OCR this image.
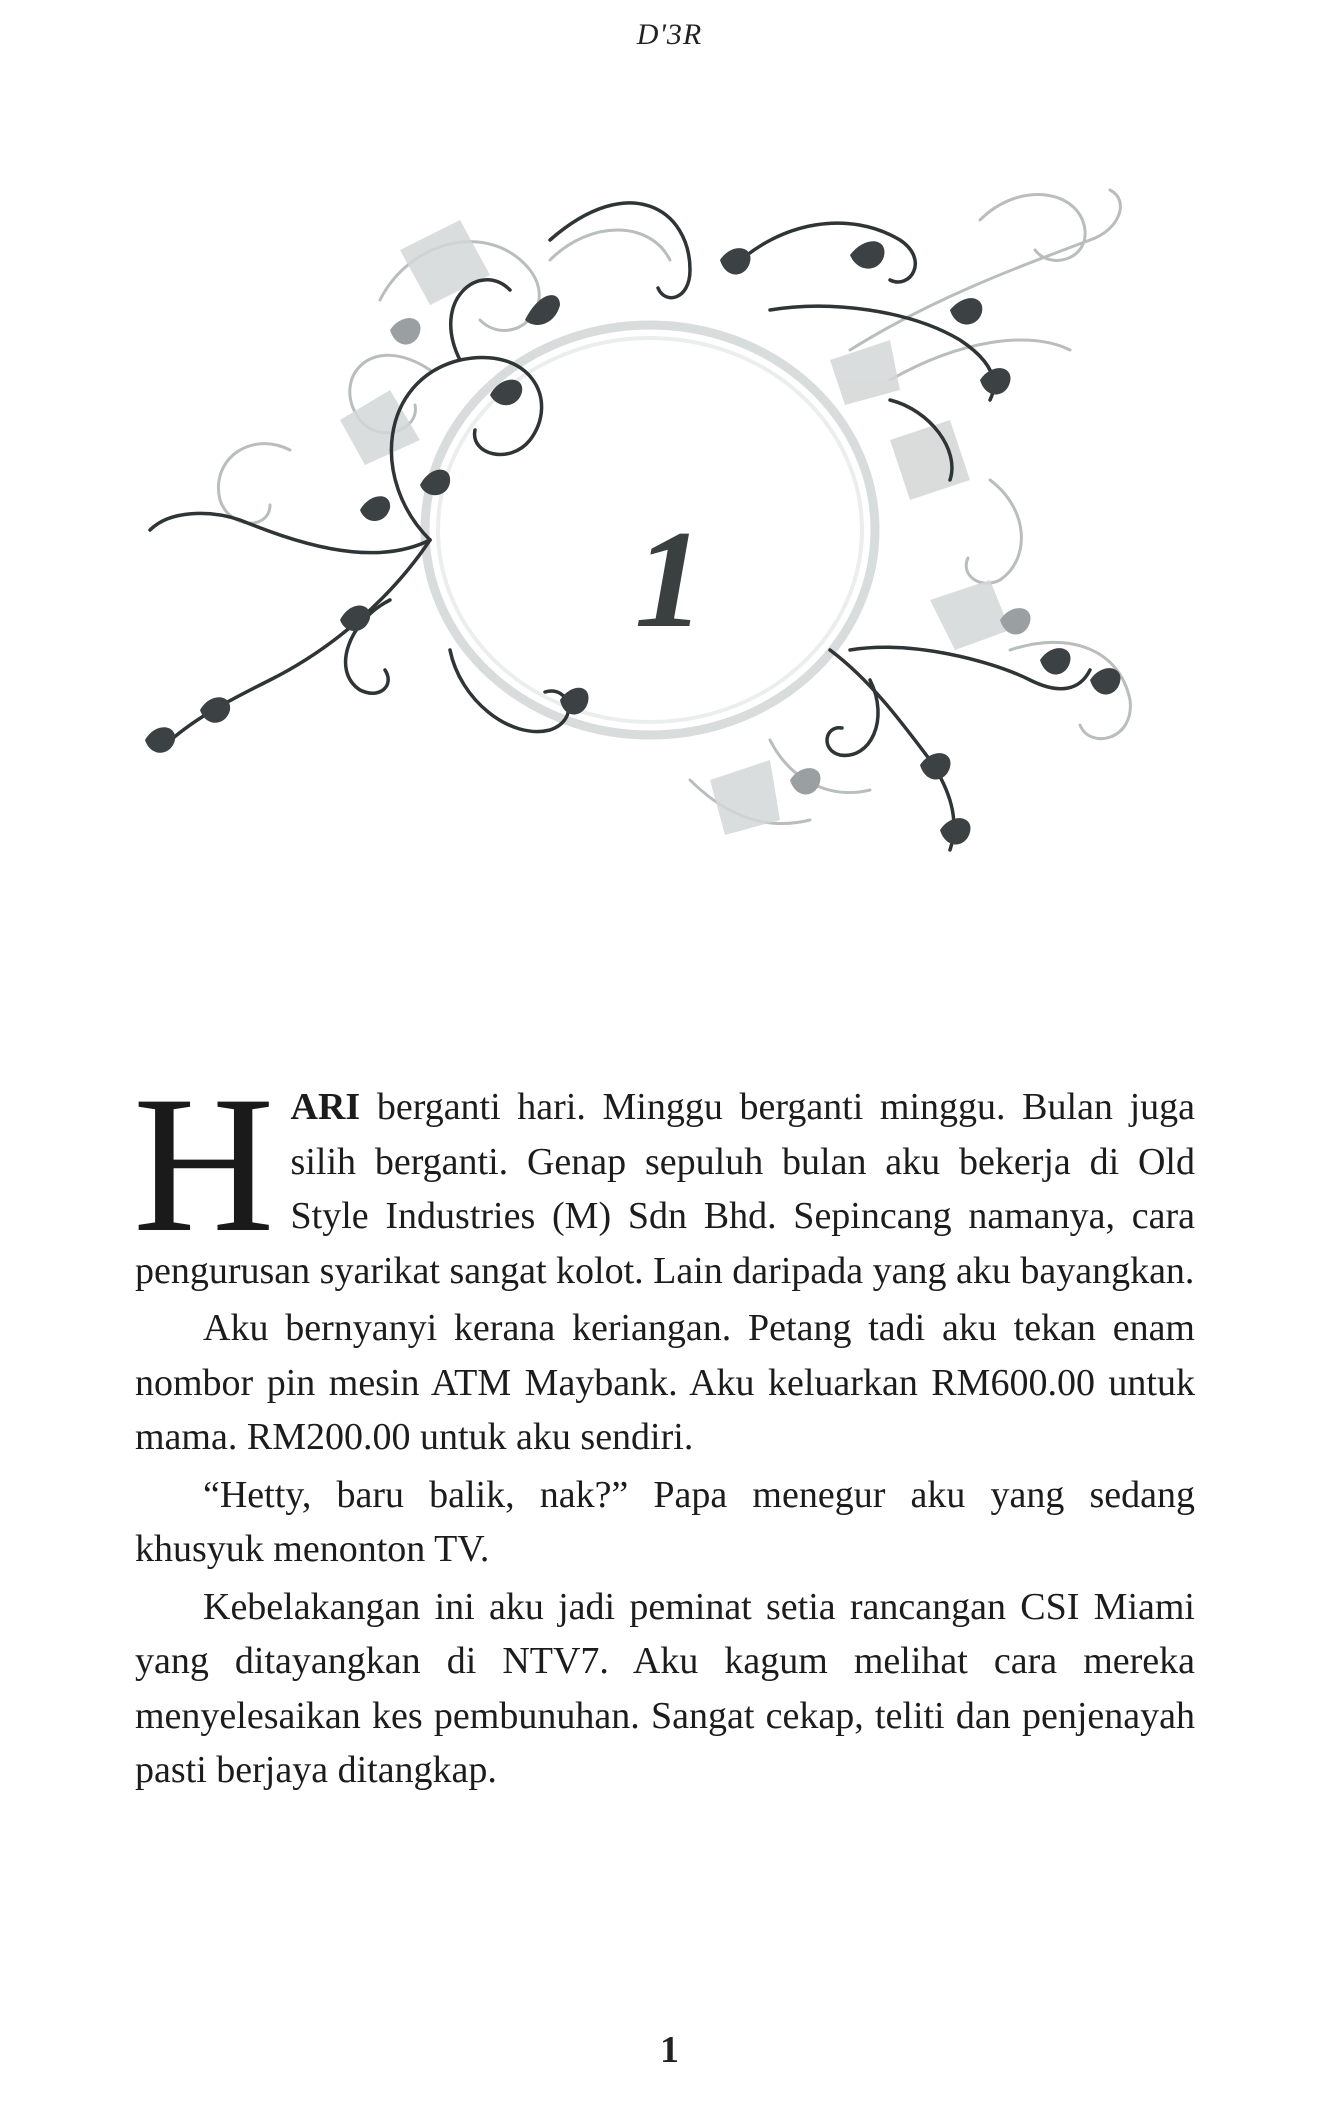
D'3R
1

HARI berganti hari. Minggu berganti minggu. Bulan juga silih berganti. Genap sepuluh bulan aku bekerja di Old Style Industries (M) Sdn Bhd. Sepincang namanya, cara pengurusan syarikat sangat kolot. Lain daripada yang aku bayangkan.

Aku bernyanyi kerana keriangan. Petang tadi aku tekan enam nombor pin mesin ATM Maybank. Aku keluarkan RM600.00 untuk mama. RM200.00 untuk aku sendiri.

“Hetty, baru balik, nak?” Papa menegur aku yang sedang khusyuk menonton TV.

Kebelakangan ini aku jadi peminat setia rancangan CSI Miami yang ditayangkan di NTV7. Aku kagum melihat cara mereka menyelesaikan kes pembunuhan. Sangat cekap, teliti dan penjenayah pasti berjaya ditangkap.

1
